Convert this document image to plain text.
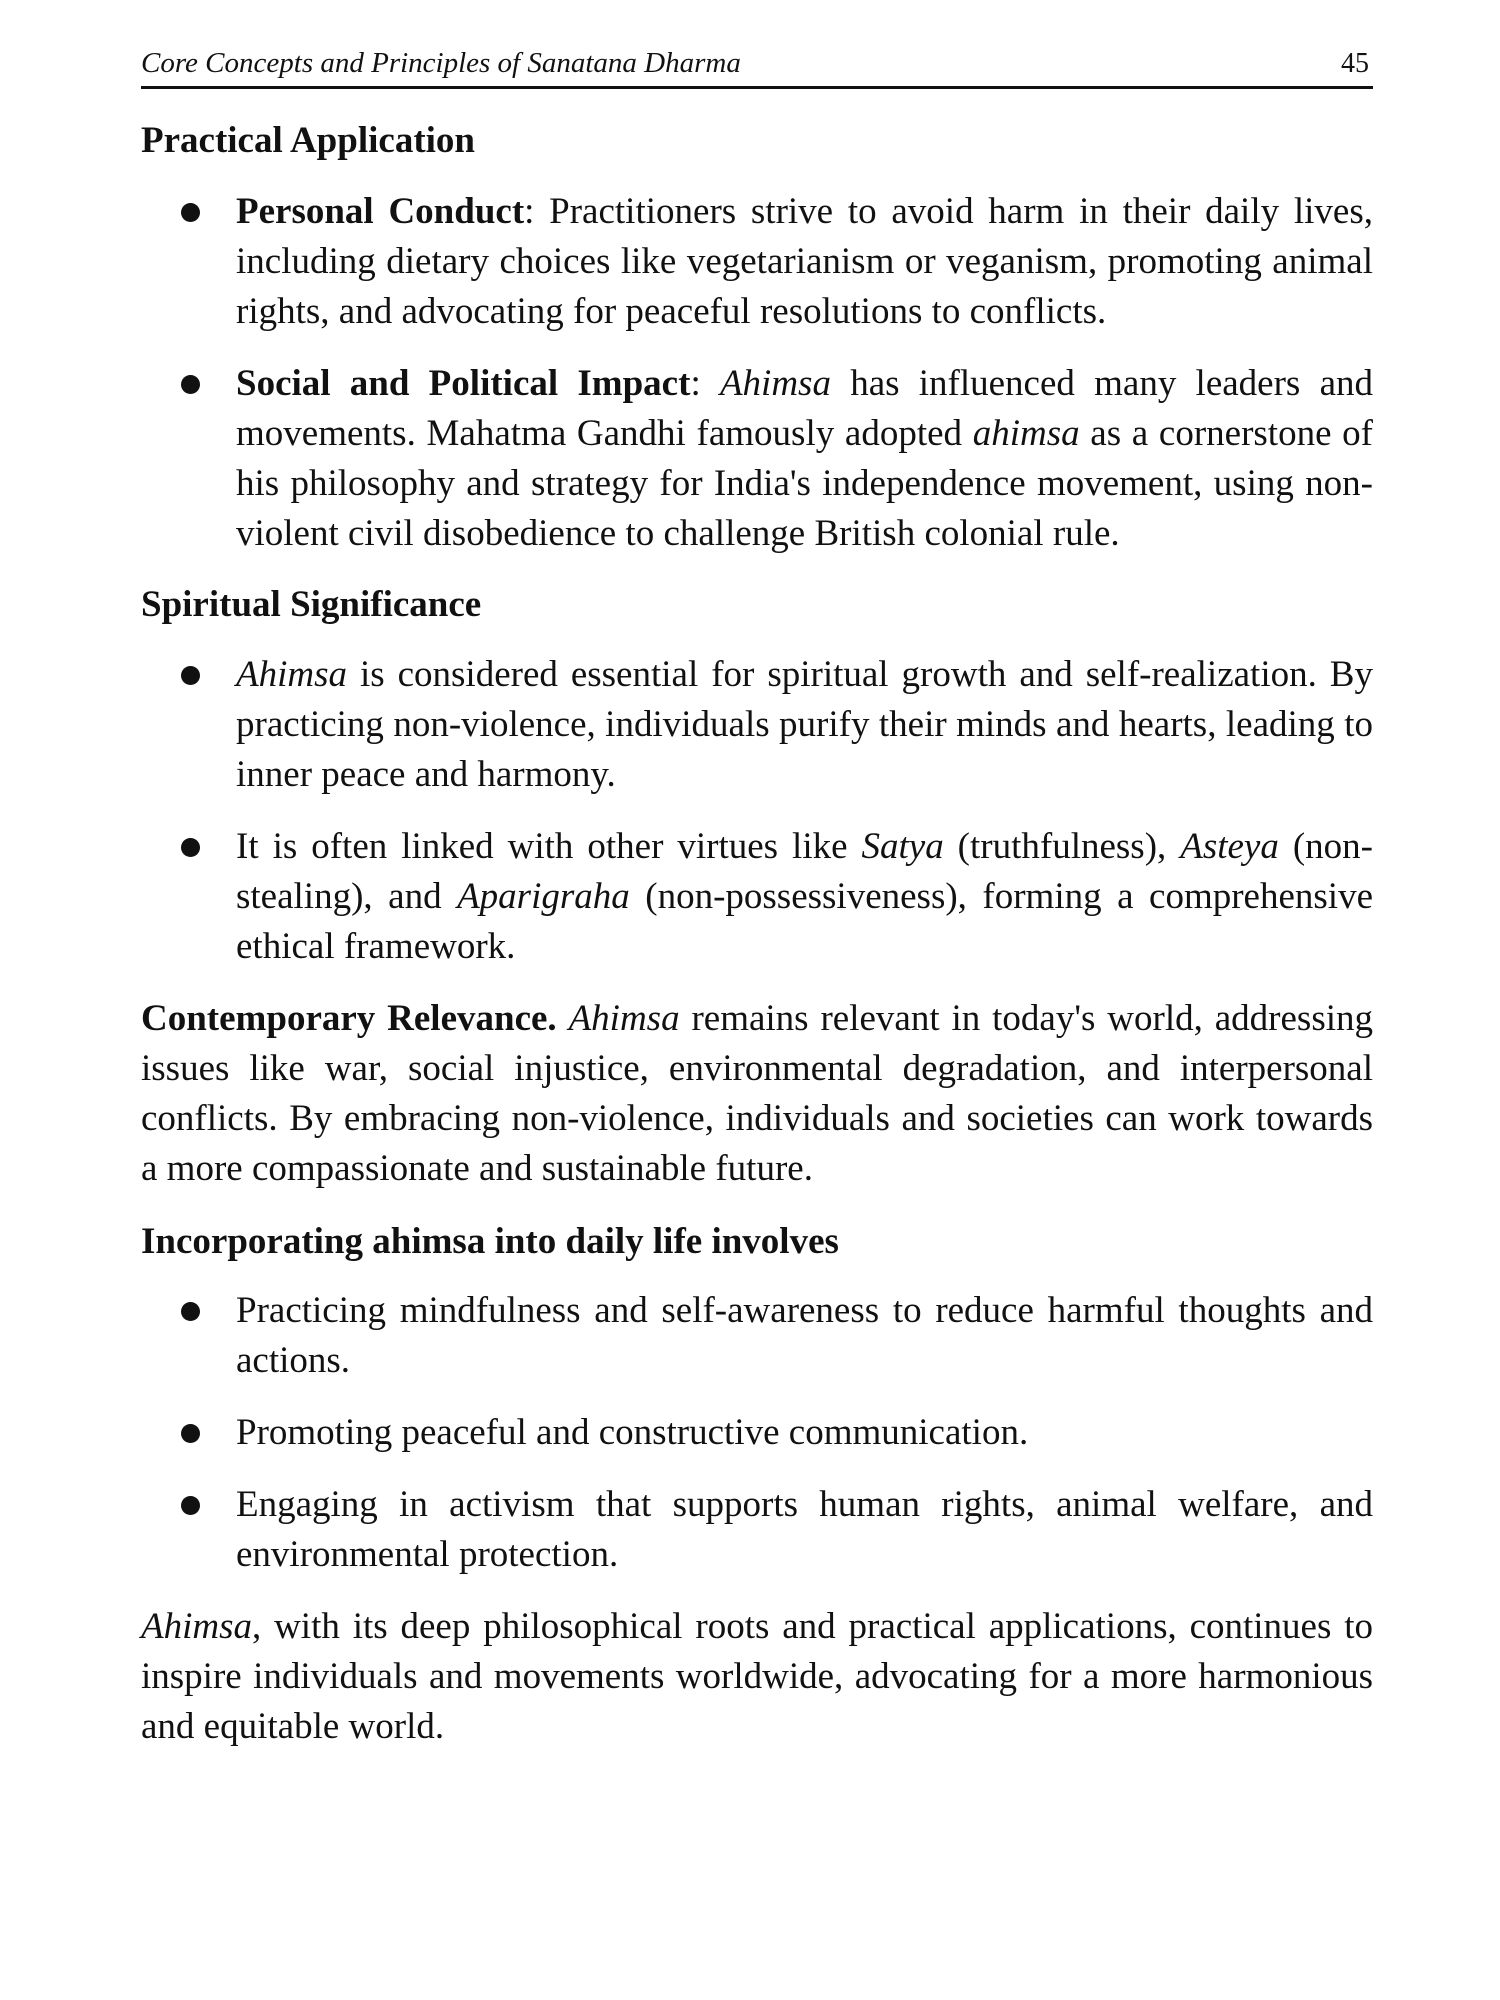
Core Concepts and Principles of Sanatana Dharma	45
Practical Application
Personal Conduct: Practitioners strive to avoid harm in their daily lives, including dietary choices like vegetarianism or veganism, promoting animal rights, and advocating for peaceful resolutions to conflicts.
Social and Political Impact: Ahimsa has influenced many leaders and movements. Mahatma Gandhi famously adopted ahimsa as a cornerstone of his philosophy and strategy for India's independence movement, using non-violent civil disobedience to challenge British colonial rule.
Spiritual Significance
Ahimsa is considered essential for spiritual growth and self-realization. By practicing non-violence, individuals purify their minds and hearts, leading to inner peace and harmony.
It is often linked with other virtues like Satya (truthfulness), Asteya (non-stealing), and Aparigraha (non-possessiveness), forming a comprehensive ethical framework.

Contemporary Relevance. Ahimsa remains relevant in today's world, addressing issues like war, social injustice, environmental degradation, and interpersonal conflicts. By embracing non-violence, individuals and societies can work towards a more compassionate and sustainable future.

Incorporating ahimsa into daily life involves
Practicing mindfulness and self-awareness to reduce harmful thoughts and actions.
Promoting peaceful and constructive communication.
Engaging in activism that supports human rights, animal welfare, and environmental protection.

Ahimsa, with its deep philosophical roots and practical applications, continues to inspire individuals and movements worldwide, advocating for a more harmonious and equitable world.
